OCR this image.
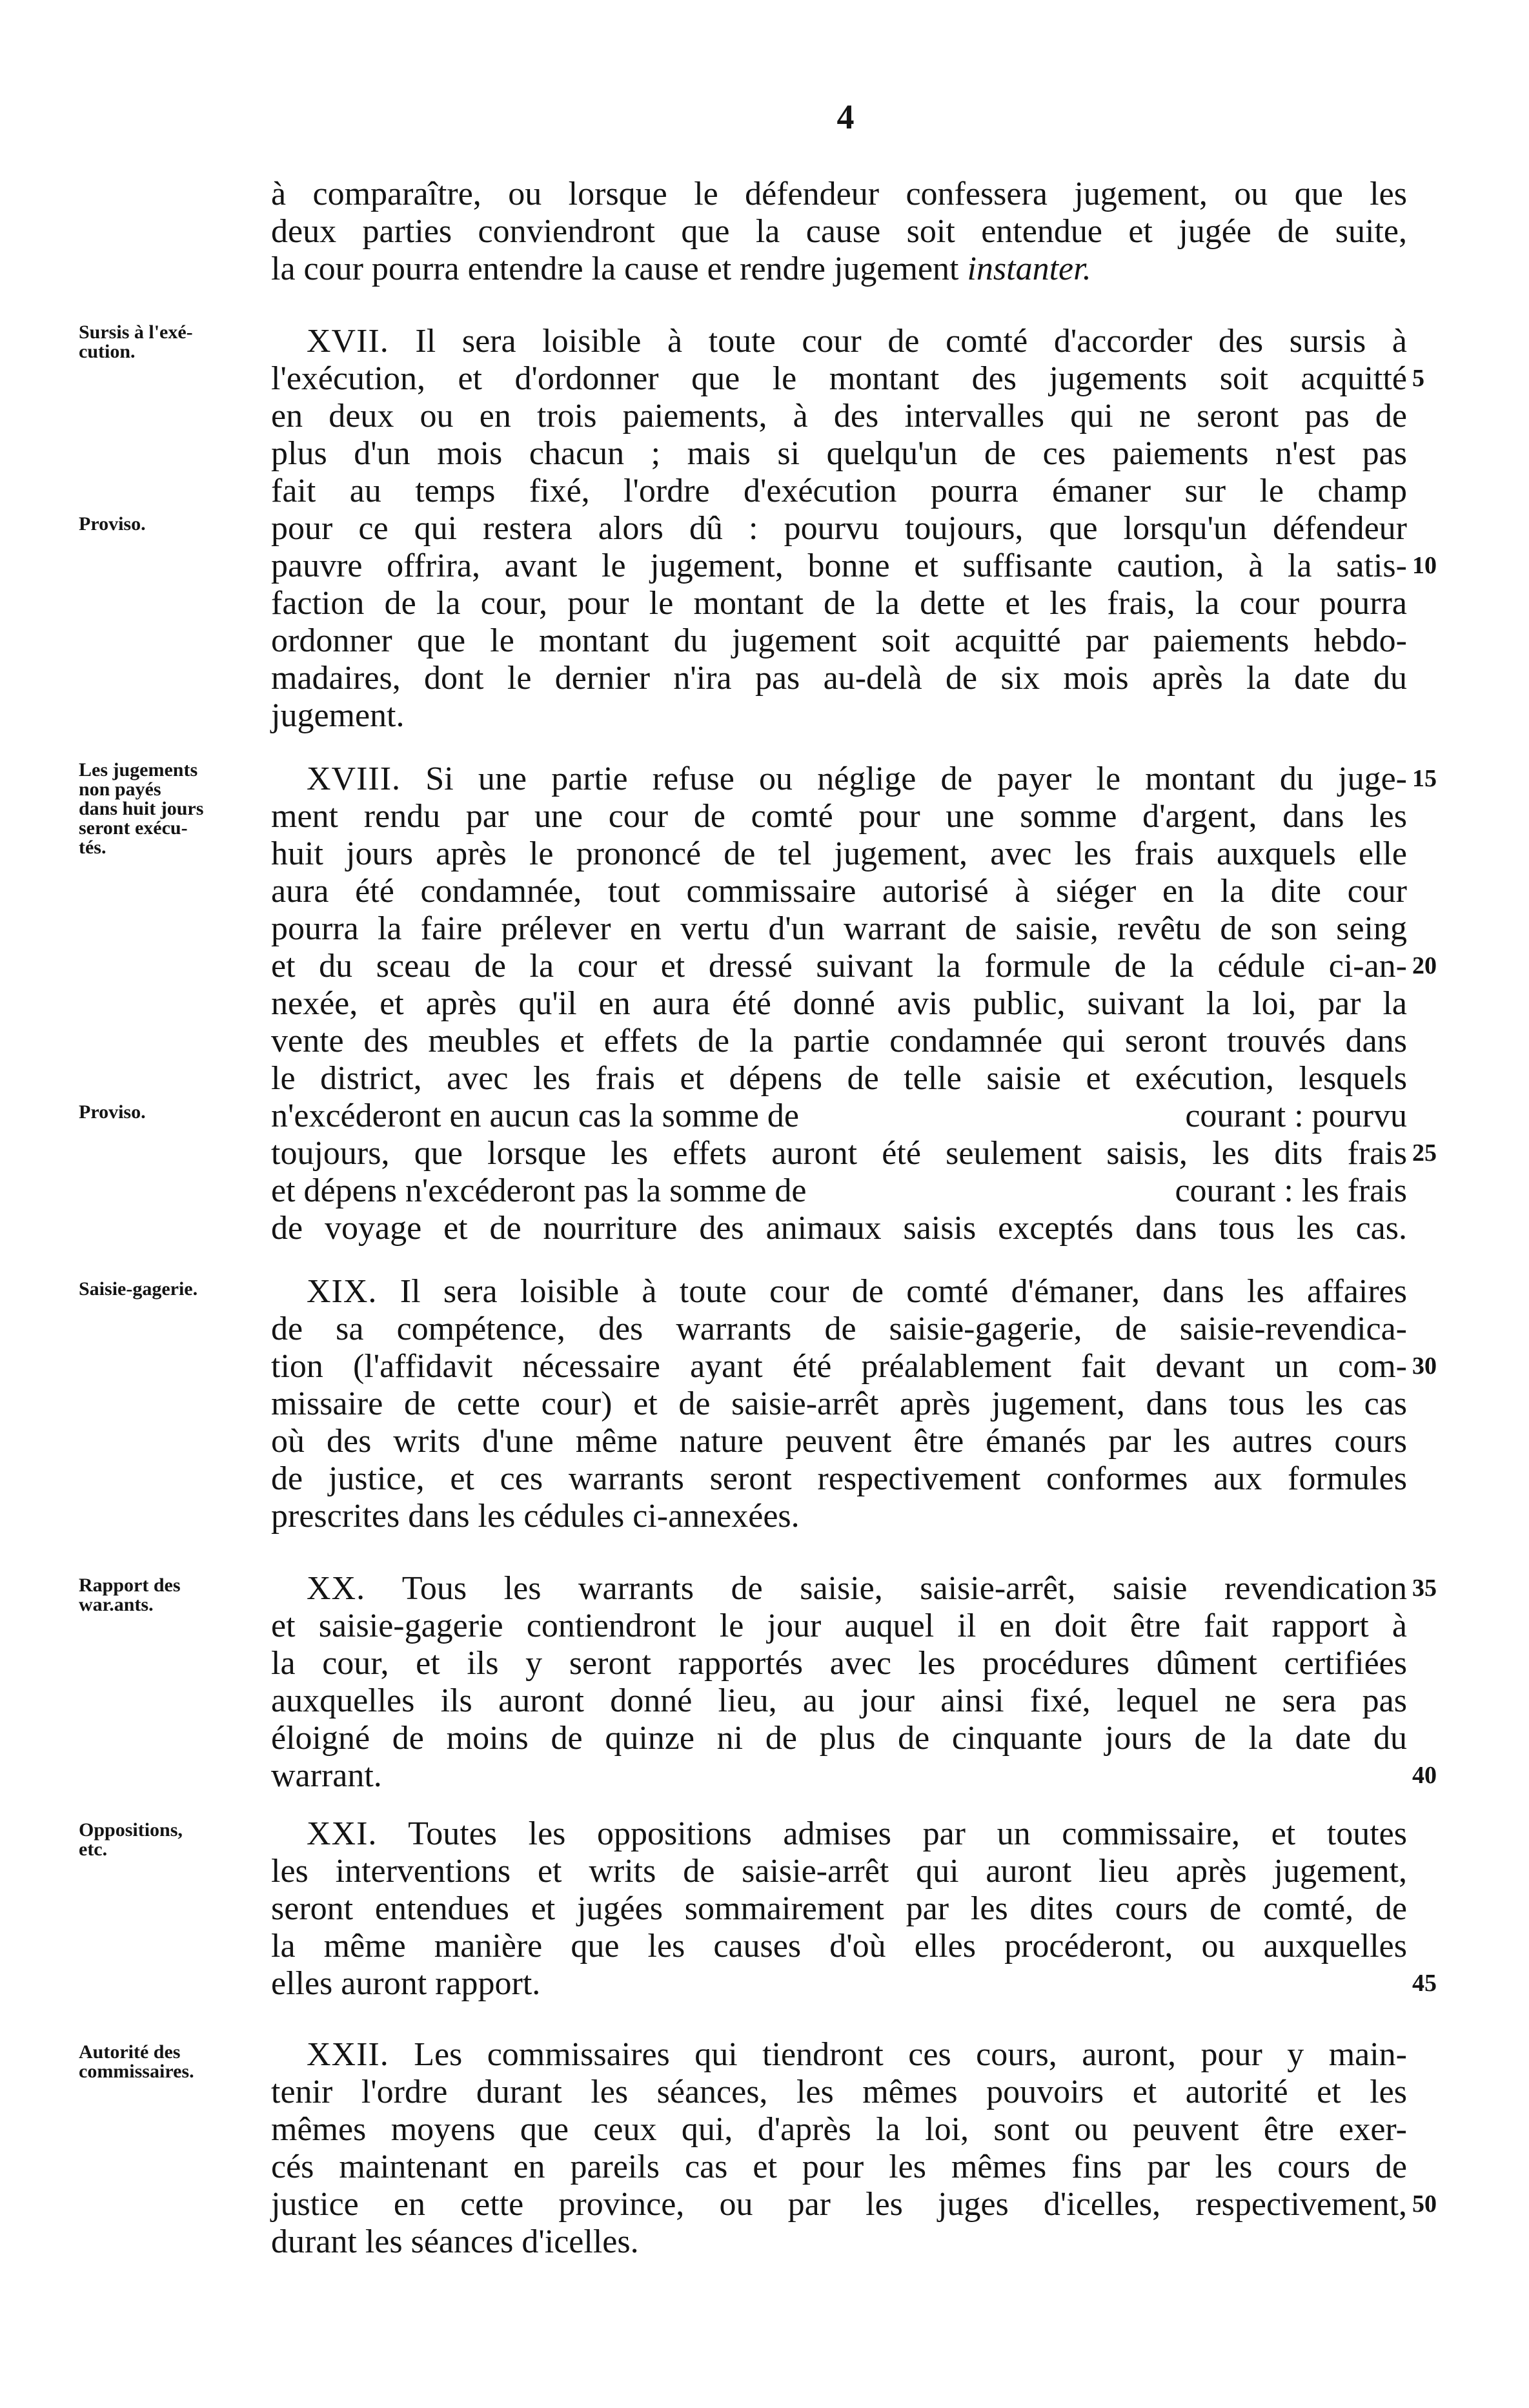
4
à comparaître, ou lorsque le défendeur confessera jugement, ou que les
deux parties conviendront que la cause soit entendue et jugée de suite,
la cour pourra entendre la cause et rendre jugement instanter.
Sursis à l'exé-
cution.
Proviso.
Les jugements
non payés
dans huit jours
seront exécu-
tés.
Proviso.
Saisie-gagerie.
Rapport des
war.ants.
Oppositions,
etc.
Autorité des
commissaires.
XVII. Il sera loisible à toute cour de comté d'accorder des sursis à
l'exécution, et d'ordonner que le montant des jugements soit acquitté
en deux ou en trois paiements, à des intervalles qui ne seront pas de
plus d'un mois chacun ; mais si quelqu'un de ces paiements n'est pas
fait au temps fixé, l'ordre d'exécution pourra émaner sur le champ
pour ce qui restera alors dû : pourvu toujours, que lorsqu'un défendeur
pauvre offrira, avant le jugement, bonne et suffisante caution, à la satis-
faction de la cour, pour le montant de la dette et les frais, la cour pourra
ordonner que le montant du jugement soit acquitté par paiements hebdo-
madaires, dont le dernier n'ira pas au-delà de six mois après la date du
jugement.
XVIII. Si une partie refuse ou néglige de payer le montant du juge-
ment rendu par une cour de comté pour une somme d'argent, dans les
huit jours après le prononcé de tel jugement, avec les frais auxquels elle
aura été condamnée, tout commissaire autorisé à siéger en la dite cour
pourra la faire prélever en vertu d'un warrant de saisie, revêtu de son seing
et du sceau de la cour et dressé suivant la formule de la cédule ci-an-
nexée, et après qu'il en aura été donné avis public, suivant la loi, par la
vente des meubles et effets de la partie condamnée qui seront trouvés dans
le district, avec les frais et dépens de telle saisie et exécution, lesquels
n'excéderont en aucun cas la somme de	courant : pourvu
toujours, que lorsque les effets auront été seulement saisis, les dits frais
et dépens n'excéderont pas la somme de	courant : les frais
de voyage et de nourriture des animaux saisis exceptés dans tous les cas.
XIX. Il sera loisible à toute cour de comté d'émaner, dans les affaires
de sa compétence, des warrants de saisie-gagerie, de saisie-revendica-
tion (l'affidavit nécessaire ayant été préalablement fait devant un com-
missaire de cette cour) et de saisie-arrêt après jugement, dans tous les cas
où des writs d'une même nature peuvent être émanés par les autres cours
de justice, et ces warrants seront respectivement conformes aux formules
prescrites dans les cédules ci-annexées.
XX. Tous les warrants de saisie, saisie-arrêt, saisie revendication
et saisie-gagerie contiendront le jour auquel il en doit être fait rapport à
la cour, et ils y seront rapportés avec les procédures dûment certifiées
auxquelles ils auront donné lieu, au jour ainsi fixé, lequel ne sera pas
éloigné de moins de quinze ni de plus de cinquante jours de la date du
warrant.
XXI. Toutes les oppositions admises par un commissaire, et toutes
les interventions et writs de saisie-arrêt qui auront lieu après jugement,
seront entendues et jugées sommairement par les dites cours de comté, de
la même manière que les causes d'où elles procéderont, ou auxquelles
elles auront rapport.
XXII. Les commissaires qui tiendront ces cours, auront, pour y main-
tenir l'ordre durant les séances, les mêmes pouvoirs et autorité et les
mêmes moyens que ceux qui, d'après la loi, sont ou peuvent être exer-
cés maintenant en pareils cas et pour les mêmes fins par les cours de
justice en cette province, ou par les juges d'icelles, respectivement,
durant les séances d'icelles.
5
10
15
20
25
30
35
40
45
50
